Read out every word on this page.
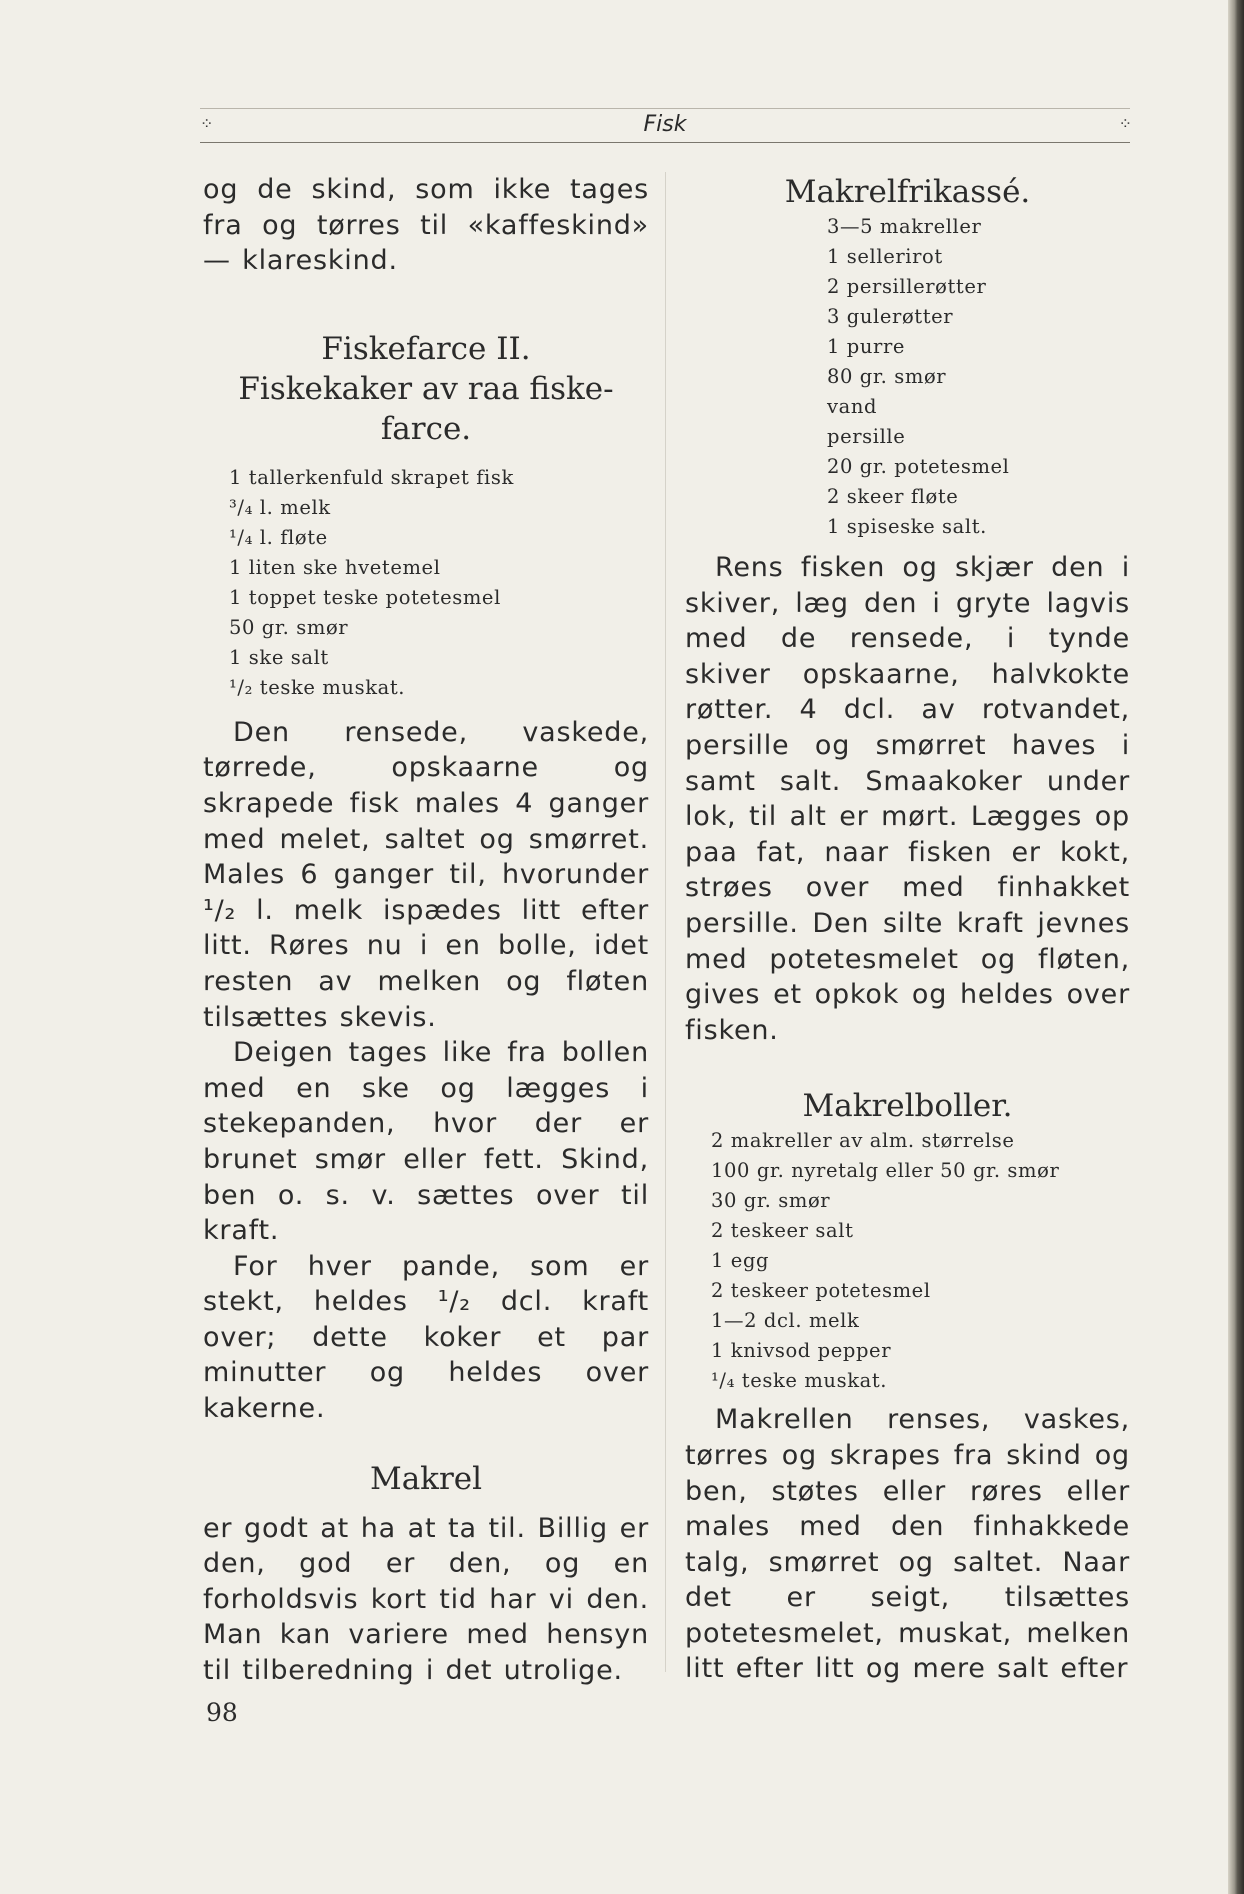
⁘	Fisk	⁘

og de skind, som ikke tages fra og tørres til «kaffeskind» — klareskind.

Fiskefarce II.
Fiskekaker av raa fiske-farce.
1 tallerkenfuld skrapet fisk
³/₄ l. melk
¹/₄ l. fløte
1 liten ske hvetemel
1 toppet teske potetesmel
50 gr. smør
1 ske salt
¹/₂ teske muskat.

Den rensede, vaskede, tørrede, opskaarne og skrapede fisk males 4 ganger med melet, saltet og smørret. Males 6 ganger til, hvorunder ¹/₂ l. melk ispædes litt efter litt. Røres nu i en bolle, idet resten av melken og fløten tilsættes skevis.

Deigen tages like fra bollen med en ske og lægges i stekepanden, hvor der er brunet smør eller fett. Skind, ben o. s. v. sættes over til kraft.

For hver pande, som er stekt, heldes ¹/₂ dcl. kraft over; dette koker et par minutter og heldes over kakerne.

Makrel

er godt at ha at ta til. Billig er den, god er den, og en forholdsvis kort tid har vi den. Man kan variere med hensyn til tilberedning i det utrolige.

Makrelfrikassé.
3—5 makreller
1 sellerirot
2 persillerøtter
3 gulerøtter
1 purre
80 gr. smør
vand
persille
20 gr. potetesmel
2 skeer fløte
1 spiseske salt.

Rens fisken og skjær den i skiver, læg den i gryte lagvis med de rensede, i tynde skiver opskaarne, halvkokte røtter. 4 dcl. av rotvandet, persille og smørret haves i samt salt. Smaakoker under lok, til alt er mørt. Lægges op paa fat, naar fisken er kokt, strøes over med finhakket persille. Den silte kraft jevnes med potetesmelet og fløten, gives et opkok og heldes over fisken.

Makrelboller.
2 makreller av alm. størrelse
100 gr. nyretalg eller 50 gr. smør
30 gr. smør
2 teskeer salt
1 egg
2 teskeer potetesmel
1—2 dcl. melk
1 knivsod pepper
¹/₄ teske muskat.

Makrellen renses, vaskes, tørres og skrapes fra skind og ben, støtes eller røres eller males med den finhakkede talg, smørret og saltet. Naar det er seigt, tilsættes potetesmelet, muskat, melken litt efter litt og mere salt efter

98
